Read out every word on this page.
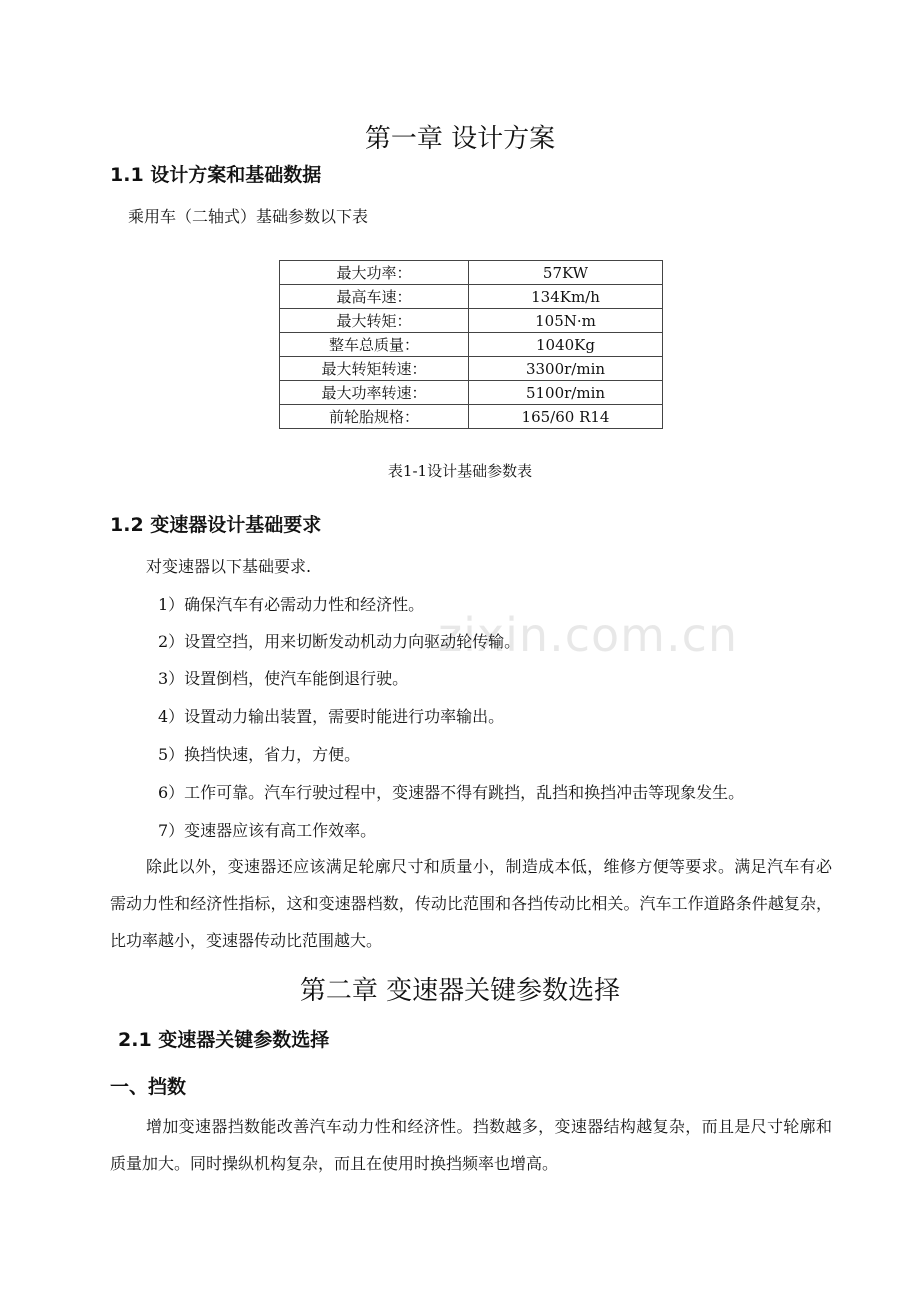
第一章 设计方案
1.1 设计方案和基础数据
乘用车（二轴式）基础参数以下表
最大功率：	57KW
最高车速：	134Km/h
最大转矩：	105N·m
整车总质量：	1040Kg
最大转矩转速：	3300r/min
最大功率转速：	5100r/min
前轮胎规格：	165/60 R14
表1-1设计基础参数表
1.2 变速器设计基础要求
对变速器以下基础要求.
1）确保汽车有必需动力性和经济性。
2）设置空挡，用来切断发动机动力向驱动轮传输。
3）设置倒档，使汽车能倒退行驶。
4）设置动力输出装置，需要时能进行功率输出。
5）换挡快速，省力，方便。
6）工作可靠。汽车行驶过程中，变速器不得有跳挡，乱挡和换挡冲击等现象发生。
7）变速器应该有高工作效率。
除此以外，变速器还应该满足轮廓尺寸和质量小，制造成本低，维修方便等要求。满足汽车有必需动力性和经济性指标，这和变速器档数，传动比范围和各挡传动比相关。汽车工作道路条件越复杂，比功率越小，变速器传动比范围越大。
第二章 变速器关键参数选择
2.1 变速器关键参数选择
一、挡数
增加变速器挡数能改善汽车动力性和经济性。挡数越多，变速器结构越复杂，而且是尺寸轮廓和质量加大。同时操纵机构复杂，而且在使用时换挡频率也增高。
zixin.com.cn
